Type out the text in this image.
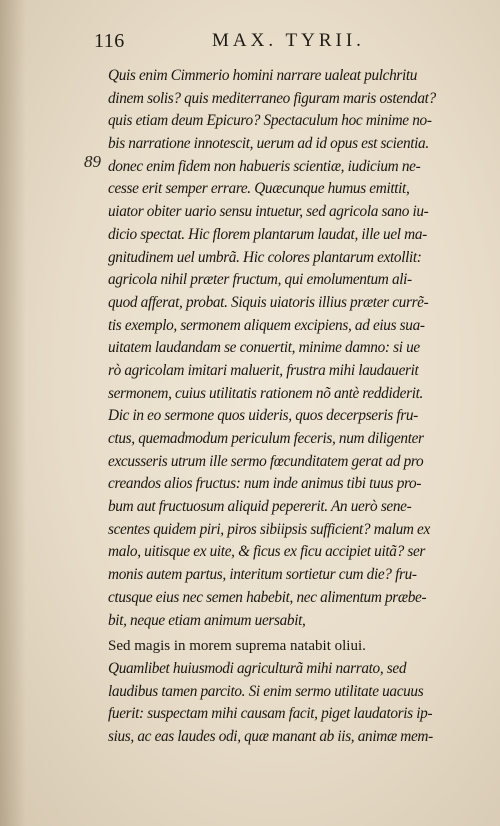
116	MAX. TYRII.
89
Quis enim Cimmerio homini narrare ualeat pulchritu
dinem solis? quis mediterraneo figuram maris ostendat?
quis etiam deum Epicuro? Spectaculum hoc minime no-
bis narratione innotescit, uerum ad id opus est scientia.
donec enim fidem non habueris scientiæ, iudicium ne-
cesse erit semper errare. Quæcunque humus emittit,
uiator obiter uario sensu intuetur, sed agricola sano iu-
dicio spectat. Hic florem plantarum laudat, ille uel ma-
gnitudinem uel umbrã. Hic colores plantarum extollit:
agricola nihil præter fructum, qui emolumentum ali-
quod afferat, probat. Siquis uiatoris illius præter currẽ-
tis exemplo, sermonem aliquem excipiens, ad eius sua-
uitatem laudandam se conuertit, minime damno: si ue
rò agricolam imitari maluerit, frustra mihi laudauerit
sermonem, cuius utilitatis rationem nõ antè reddiderit.
Dic in eo sermone quos uideris, quos decerpseris fru-
ctus, quemadmodum periculum feceris, num diligenter
excusseris utrum ille sermo fœcunditatem gerat ad pro
creandos alios fructus: num inde animus tibi tuus pro-
bum aut fructuosum aliquid pepererit. An uerò sene-
scentes quidem piri, piros sibiipsis sufficient? malum ex
malo, uitisque ex uite, & ficus ex ficu accipiet uitã? ser
monis autem partus, interitum sortietur cum die? fru-
ctusque eius nec semen habebit, nec alimentum præbe-
bit, neque etiam animum uersabit,
Sed magis in morem suprema natabit oliui.
Quamlibet huiusmodi agriculturã mihi narrato, sed
laudibus tamen parcito. Si enim sermo utilitate uacuus
fuerit: suspectam mihi causam facit, piget laudatoris ip-
sius, ac eas laudes odi, quæ manant ab iis, animæ mem-
